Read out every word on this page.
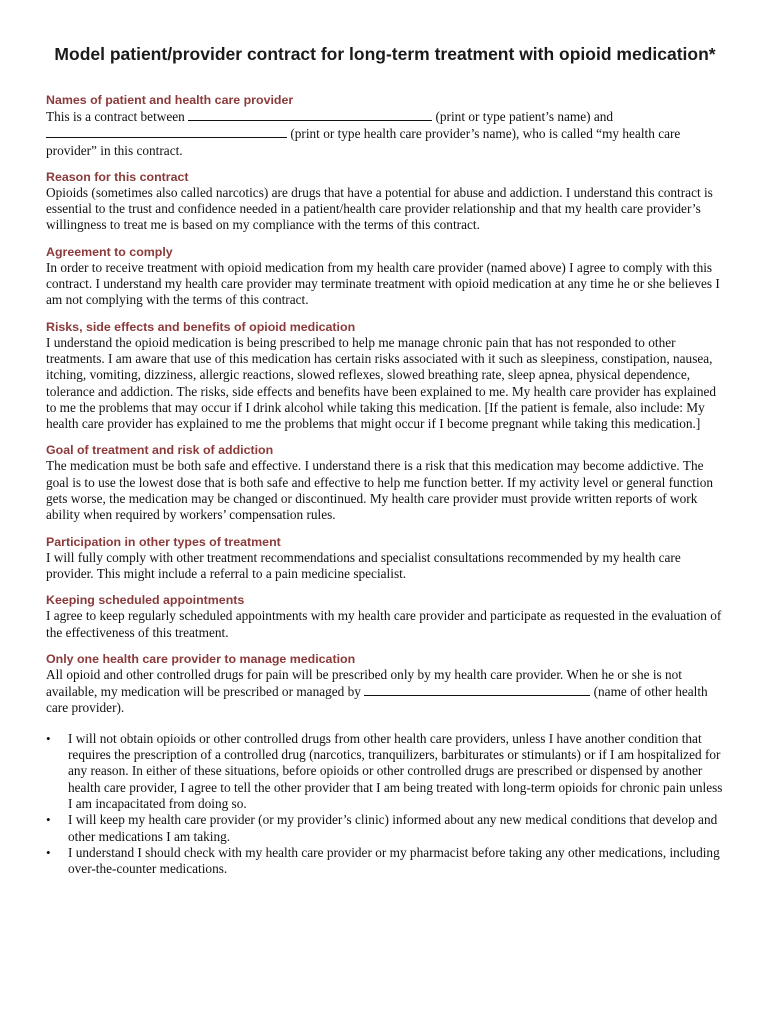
Model patient/provider contract for long-term treatment with opioid medication*

Names of patient and health care provider

This is a contract between	(print or type patient’s name) and
(print or type health care provider’s name), who is called “my health care provider” in this contract.

Reason for this contract

Opioids (sometimes also called narcotics) are drugs that have a potential for abuse and addiction. I understand this contract is essential to the trust and confidence needed in a patient/health care provider relationship and that my health care provider’s willingness to treat me is based on my compliance with the terms of this contract.

Agreement to comply

In order to receive treatment with opioid medication from my health care provider (named above) I agree to comply with this contract. I understand my health care provider may terminate treatment with opioid medication at any time he or she believes I am not complying with the terms of this contract.

Risks, side effects and benefits of opioid medication

I understand the opioid medication is being prescribed to help me manage chronic pain that has not responded to other treatments. I am aware that use of this medication has certain risks associated with it such as sleepiness, constipation, nausea, itching, vomiting, dizziness, allergic reactions, slowed reflexes, slowed breathing rate, sleep apnea, physical dependence, tolerance and addiction. The risks, side effects and benefits have been explained to me. My health care provider has explained to me the problems that may occur if I drink alcohol while taking this medication. [If the patient is female, also include: My health care provider has explained to me the problems that might occur if I become pregnant while taking this medication.]

Goal of treatment and risk of addiction

The medication must be both safe and effective. I understand there is a risk that this medication may become addictive. The goal is to use the lowest dose that is both safe and effective to help me function better. If my activity level or general function gets worse, the medication may be changed or discontinued. My health care provider must provide written reports of work ability when required by workers’ compensation rules.

Participation in other types of treatment

I will fully comply with other treatment recommendations and specialist consultations recommended by my health care provider. This might include a referral to a pain medicine specialist.

Keeping scheduled appointments

I agree to keep regularly scheduled appointments with my health care provider and participate as requested in the evaluation of the effectiveness of this treatment.

Only one health care provider to manage medication

All opioid and other controlled drugs for pain will be prescribed only by my health care provider. When he or she is not available, my medication will be prescribed or managed by	(name of other health care provider).

• I will not obtain opioids or other controlled drugs from other health care providers, unless I have another condition that requires the prescription of a controlled drug (narcotics, tranquilizers, barbiturates or stimulants) or if I am hospitalized for any reason. In either of these situations, before opioids or other controlled drugs are prescribed or dispensed by another health care provider, I agree to tell the other provider that I am being treated with long-term opioids for chronic pain unless I am incapacitated from doing so.
• I will keep my health care provider (or my provider’s clinic) informed about any new medical conditions that develop and other medications I am taking.
• I understand I should check with my health care provider or my pharmacist before taking any other medications, including over-the-counter medications.
